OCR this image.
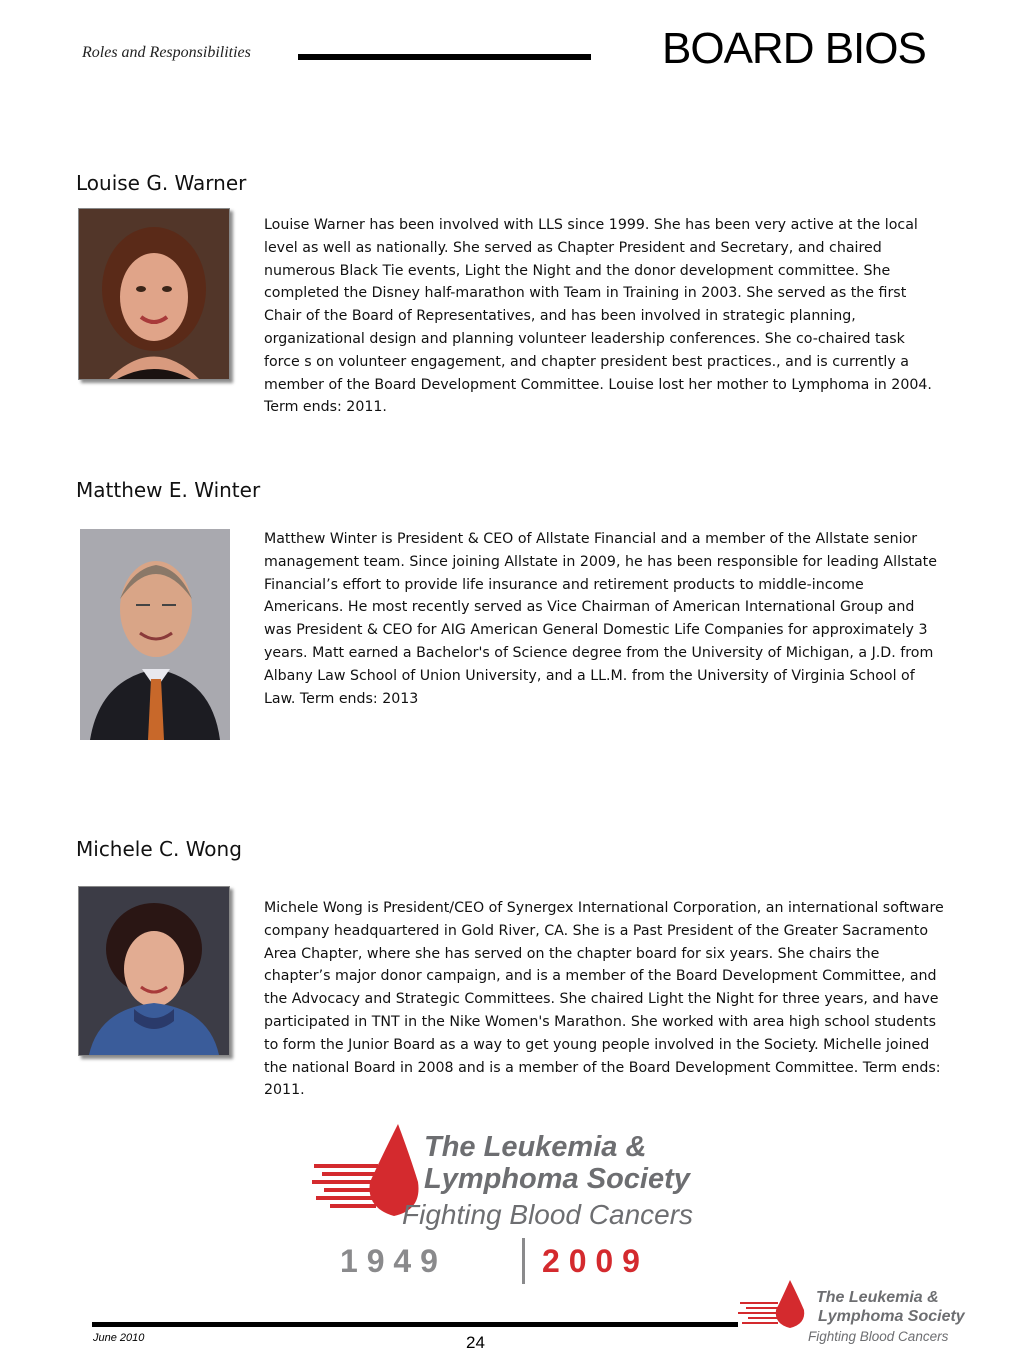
Roles and Responsibilities	BOARD BIOS
Louise G. Warner
Louise Warner has been involved with LLS since 1999. She has been very active at the local level as well as nationally. She served as Chapter President and Secretary, and chaired numerous Black Tie events, Light the Night and the donor development committee. She completed the Disney half-marathon with Team in Training in 2003. She served as the first Chair of the Board of Representatives, and has been involved in strategic planning, organizational design and planning volunteer leadership conferences. She co-chaired task force s on volunteer engagement, and chapter president best practices., and is currently a member of the Board Development Committee. Louise lost her mother to Lymphoma in 2004. Term ends: 2011.
Matthew E. Winter
Matthew Winter is President & CEO of Allstate Financial and a member of the Allstate senior management team. Since joining Allstate in 2009, he has been responsible for leading Allstate Financial’s effort to provide life insurance and retirement products to middle-income Americans. He most recently served as Vice Chairman of American International Group and was President & CEO for AIG American General Domestic Life Companies for approximately 3 years. Matt earned a Bachelor's of Science degree from the University of Michigan, a J.D. from Albany Law School of Union University, and a LL.M. from the University of Virginia School of Law. Term ends: 2013
Michele C. Wong
Michele Wong is President/CEO of Synergex International Corporation, an international software company headquartered in Gold River, CA. She is a Past President of the Greater Sacramento Area Chapter, where she has served on the chapter board for six years. She chairs the chapter’s major donor campaign, and is a member of the Board Development Committee, and the Advocacy and Strategic Committees. She chaired Light the Night for three years, and have participated in TNT in the Nike Women's Marathon. She worked with area high school students to form the Junior Board as a way to get young people involved in the Society. Michelle joined the national Board in 2008 and is a member of the Board Development Committee. Term ends: 2011.
The Leukemia &
Lymphoma Society
Fighting Blood Cancers
1 9 4 9	2 0 0 9
June 2010	24
The Leukemia &
Lymphoma Society
Fighting Blood Cancers
